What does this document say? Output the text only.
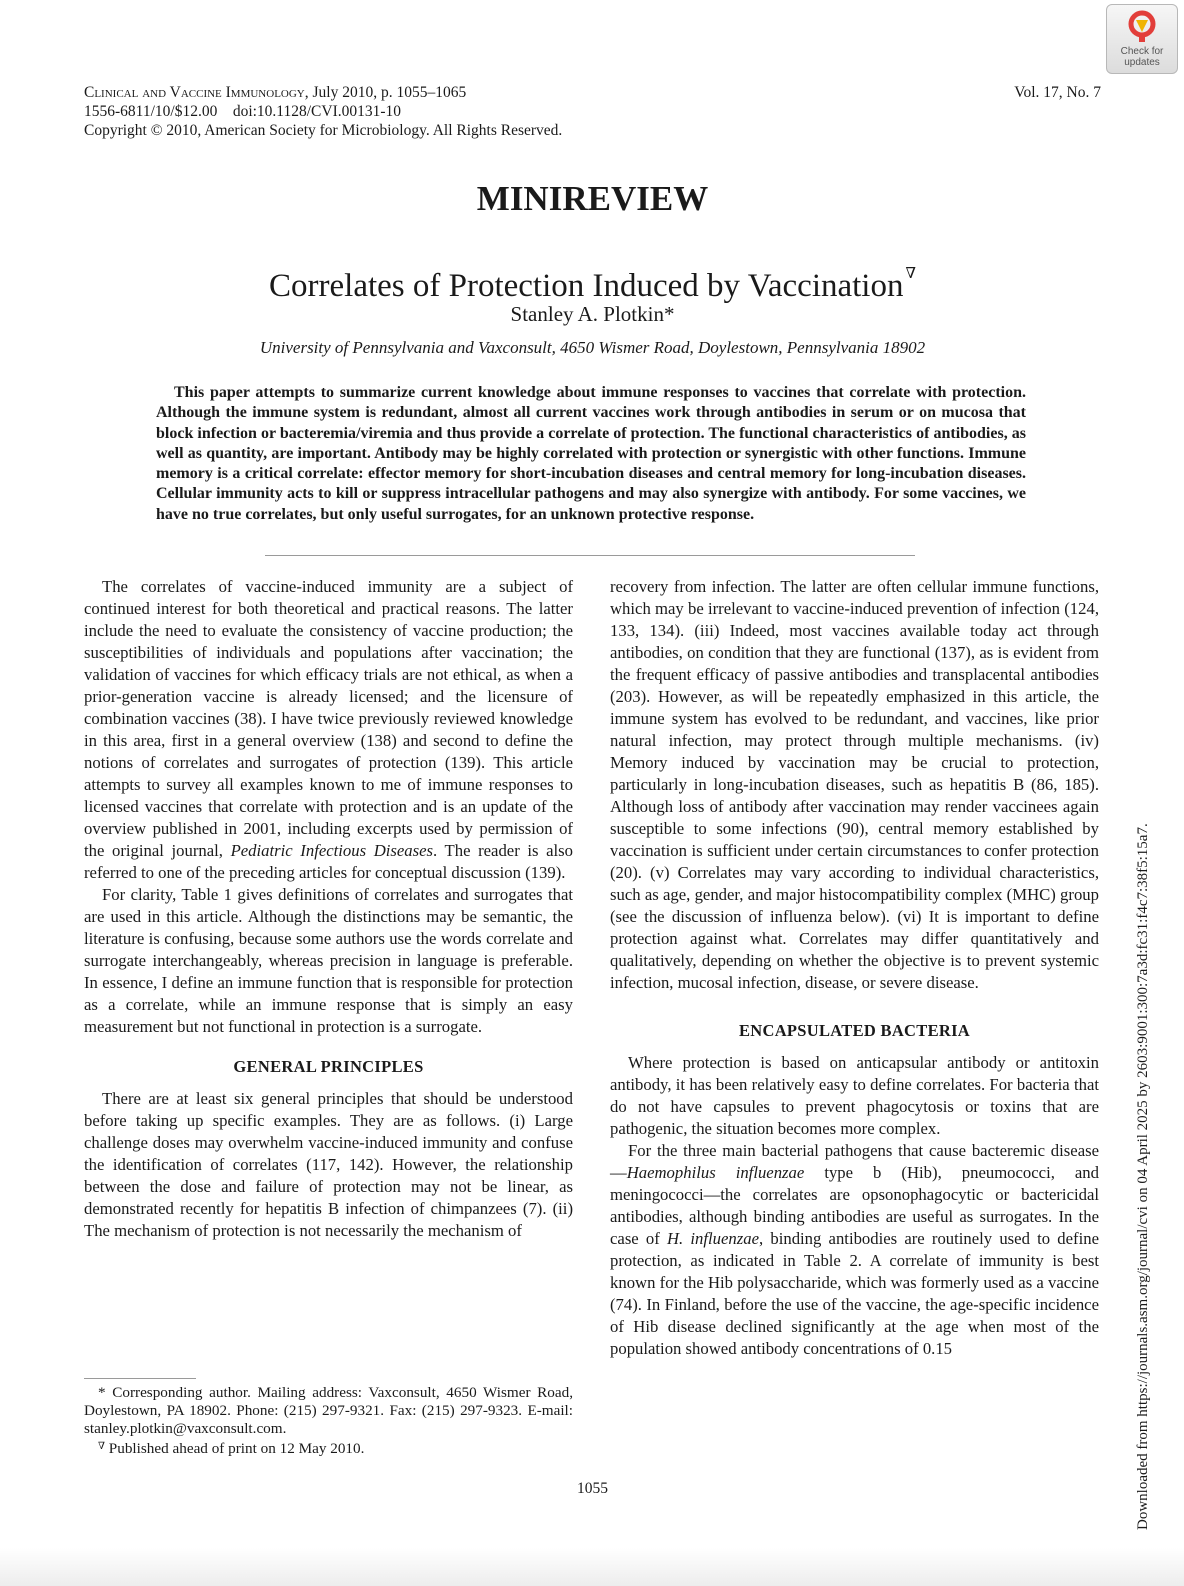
Check for updates
Clinical and Vaccine Immunology, July 2010, p. 1055–1065
1556-6811/10/$12.00    doi:10.1128/CVI.00131-10
Copyright © 2010, American Society for Microbiology. All Rights Reserved.
Vol. 17, No. 7
MINIREVIEW
Correlates of Protection Induced by Vaccination ∇
Stanley A. Plotkin*
University of Pennsylvania and Vaxconsult, 4650 Wismer Road, Doylestown, Pennsylvania 18902

This paper attempts to summarize current knowledge about immune responses to vaccines that correlate with protection. Although the immune system is redundant, almost all current vaccines work through antibodies in serum or on mucosa that block infection or bacteremia/viremia and thus provide a correlate of protection. The functional characteristics of antibodies, as well as quantity, are important. Antibody may be highly correlated with protection or synergistic with other functions. Immune memory is a critical correlate: effector memory for short-incubation diseases and central memory for long-incubation diseases. Cellular immunity acts to kill or suppress intracellular pathogens and may also synergize with antibody. For some vaccines, we have no true correlates, but only useful surrogates, for an unknown protective response.

The correlates of vaccine-induced immunity are a subject of continued interest for both theoretical and practical reasons. The latter include the need to evaluate the consistency of vaccine production; the susceptibilities of individuals and populations after vaccination; the validation of vaccines for which efficacy trials are not ethical, as when a prior-generation vaccine is already licensed; and the licensure of combination vaccines (38). I have twice previously reviewed knowledge in this area, first in a general overview (138) and second to define the notions of correlates and surrogates of protection (139). This article attempts to survey all examples known to me of immune responses to licensed vaccines that correlate with protection and is an update of the overview published in 2001, including excerpts used by permission of the original journal, Pediatric Infectious Diseases. The reader is also referred to one of the preceding articles for conceptual discussion (139).

For clarity, Table 1 gives definitions of correlates and surrogates that are used in this article. Although the distinctions may be semantic, the literature is confusing, because some authors use the words correlate and surrogate interchangeably, whereas precision in language is preferable. In essence, I define an immune function that is responsible for protection as a correlate, while an immune response that is simply an easy measurement but not functional in protection is a surrogate.

GENERAL PRINCIPLES

There are at least six general principles that should be understood before taking up specific examples. They are as follows. (i) Large challenge doses may overwhelm vaccine-induced immunity and confuse the identification of correlates (117, 142). However, the relationship between the dose and failure of protection may not be linear, as demonstrated recently for hepatitis B infection of chimpanzees (7). (ii) The mechanism of protection is not necessarily the mechanism of

recovery from infection. The latter are often cellular immune functions, which may be irrelevant to vaccine-induced prevention of infection (124, 133, 134). (iii) Indeed, most vaccines available today act through antibodies, on condition that they are functional (137), as is evident from the frequent efficacy of passive antibodies and transplacental antibodies (203). However, as will be repeatedly emphasized in this article, the immune system has evolved to be redundant, and vaccines, like prior natural infection, may protect through multiple mechanisms. (iv) Memory induced by vaccination may be crucial to protection, particularly in long-incubation diseases, such as hepatitis B (86, 185). Although loss of antibody after vaccination may render vaccinees again susceptible to some infections (90), central memory established by vaccination is sufficient under certain circumstances to confer protection (20). (v) Correlates may vary according to individual characteristics, such as age, gender, and major histocompatibility complex (MHC) group (see the discussion of influenza below). (vi) It is important to define protection against what. Correlates may differ quantitatively and qualitatively, depending on whether the objective is to prevent systemic infection, mucosal infection, disease, or severe disease.

ENCAPSULATED BACTERIA

Where protection is based on anticapsular antibody or antitoxin antibody, it has been relatively easy to define correlates. For bacteria that do not have capsules to prevent phagocytosis or toxins that are pathogenic, the situation becomes more complex.

For the three main bacterial pathogens that cause bacteremic disease—Haemophilus influenzae type b (Hib), pneumococci, and meningococci—the correlates are opsonophagocytic or bactericidal antibodies, although binding antibodies are useful as surrogates. In the case of H. influenzae, binding antibodies are routinely used to define protection, as indicated in Table 2. A correlate of immunity is best known for the Hib polysaccharide, which was formerly used as a vaccine (74). In Finland, before the use of the vaccine, the age-specific incidence of Hib disease declined significantly at the age when most of the population showed antibody concentrations of 0.15

* Corresponding author. Mailing address: Vaxconsult, 4650 Wismer Road, Doylestown, PA 18902. Phone: (215) 297-9321. Fax: (215) 297-9323. E-mail: stanley.plotkin@vaxconsult.com.

∇ Published ahead of print on 12 May 2010.

1055	Downloaded from https://journals.asm.org/journal/cvi on 04 April 2025 by 2603:9001:300:7a3d:fc31:f4c7:38f5:15a7.
